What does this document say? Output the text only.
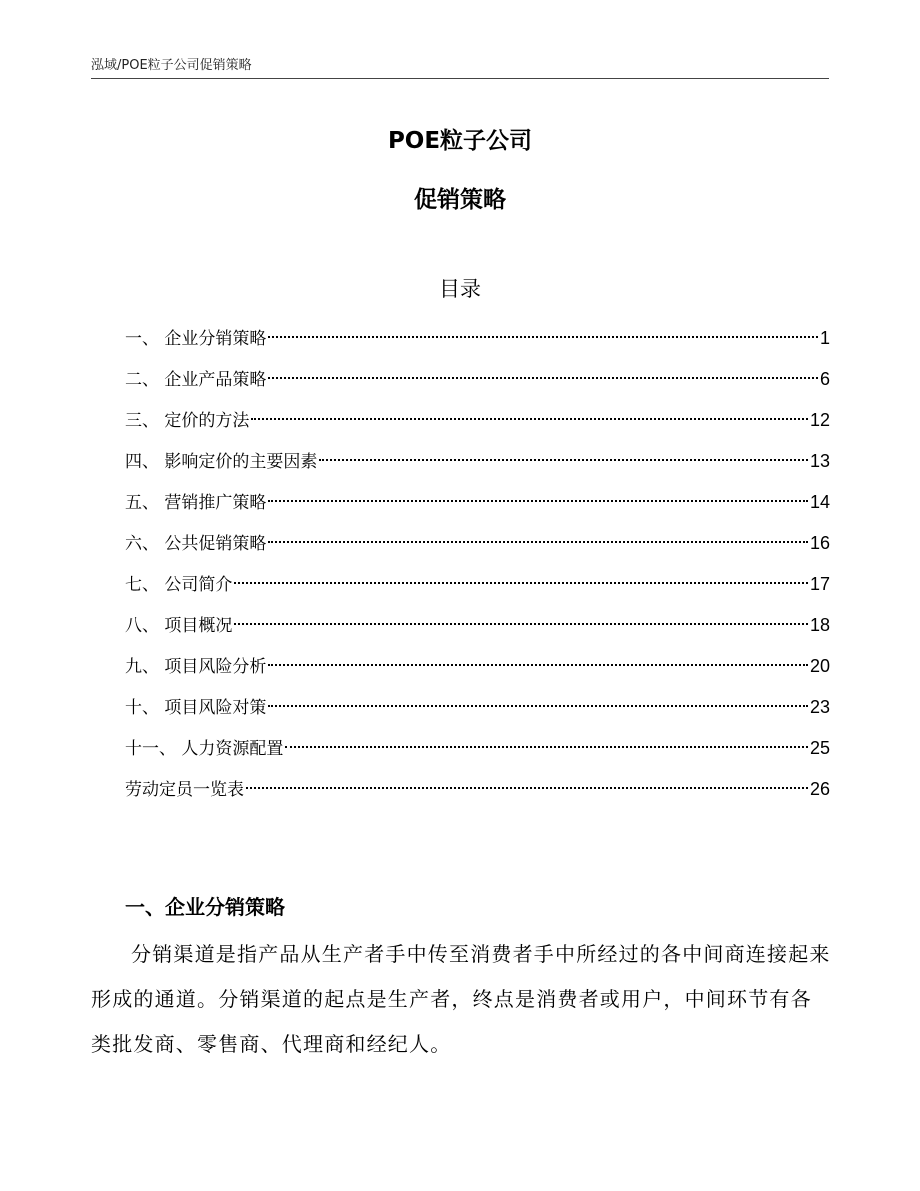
泓域/POE粒子公司促销策略
POE粒子公司
促销策略
目录
一、 企业分销策略	1
二、 企业产品策略	6
三、 定价的方法	12
四、 影响定价的主要因素	13
五、 营销推广策略	14
六、 公共促销策略	16
七、 公司简介	17
八、 项目概况	18
九、 项目风险分析	20
十、 项目风险对策	23
十一、 人力资源配置	25
劳动定员一览表	26
一、企业分销策略
分销渠道是指产品从生产者手中传至消费者手中所经过的各中间商连接起来形成的通道。分销渠道的起点是生产者，终点是消费者或用户，中间环节有各类批发商、零售商、代理商和经纪人。
